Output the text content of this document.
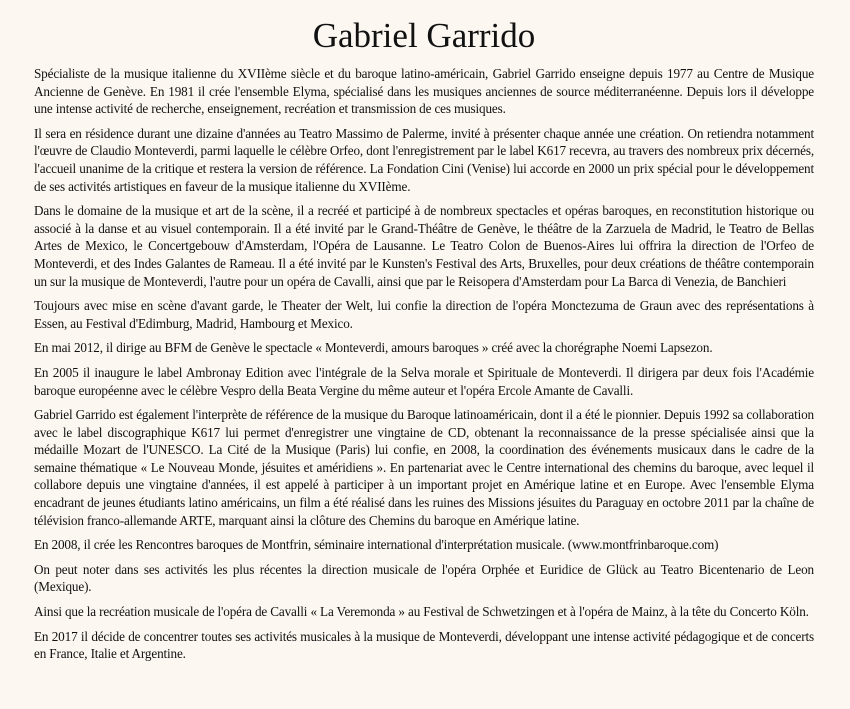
Gabriel Garrido

Spécialiste de la musique italienne du XVIIème siècle et du baroque latino-américain, Gabriel Garrido enseigne depuis 1977 au Centre de Musique Ancienne de Genève. En 1981 il crée l'ensemble Elyma, spécialisé dans les musiques anciennes de source méditerranéenne. Depuis lors il développe une intense activité de recherche, enseignement, recréation et transmission de ces musiques.

Il sera en résidence durant une dizaine d'années au Teatro Massimo de Palerme, invité à présenter chaque année une création. On retiendra notamment l'œuvre de Claudio Monteverdi, parmi laquelle le célèbre Orfeo, dont l'enregistrement par le label K617 recevra, au travers des nombreux prix décernés, l'accueil unanime de la critique et restera la version de référence. La Fondation Cini (Venise) lui accorde en 2000 un prix spécial pour le développement de ses activités artistiques en faveur de la musique italienne du XVIIème.

Dans le domaine de la musique et art de la scène, il a recréé et participé à de nombreux spectacles et opéras baroques, en reconstitution historique ou associé à la danse et au visuel contemporain. Il a été invité par le Grand-Théâtre de Genève, le théâtre de la Zarzuela de Madrid, le Teatro de Bellas Artes de Mexico, le Concertgebouw d'Amsterdam, l'Opéra de Lausanne. Le Teatro Colon de Buenos-Aires lui offrira la direction de l'Orfeo de Monteverdi, et des Indes Galantes de Rameau. Il a été invité par le Kunsten's Festival des Arts, Bruxelles, pour deux créations de théâtre contemporain un sur la musique de Monteverdi, l'autre pour un opéra de Cavalli, ainsi que par le Reisopera d'Amsterdam pour La Barca di Venezia, de Banchieri

Toujours avec mise en scène d'avant garde, le Theater der Welt, lui confie la direction de l'opéra Monctezuma de Graun avec des représentations à Essen, au Festival d'Edimburg, Madrid, Hambourg et Mexico.

En mai 2012, il dirige au BFM de Genève le spectacle « Monteverdi, amours baroques » créé avec la chorégraphe Noemi Lapsezon.

En 2005 il inaugure le label Ambronay Edition avec l'intégrale de la Selva morale et Spirituale de Monteverdi. Il dirigera par deux fois l'Académie baroque européenne avec le célèbre Vespro della Beata Vergine du même auteur et l'opéra Ercole Amante de Cavalli.

Gabriel Garrido est également l'interprète de référence de la musique du Baroque latinoaméricain, dont il a été le pionnier. Depuis 1992 sa collaboration avec le label discographique K617 lui permet d'enregistrer une vingtaine de CD, obtenant la reconnaissance de la presse spécialisée ainsi que la médaille Mozart de l'UNESCO. La Cité de la Musique (Paris) lui confie, en 2008, la coordination des événements musicaux dans le cadre de la semaine thématique « Le Nouveau Monde, jésuites et améridiens ». En partenariat avec le Centre international des chemins du baroque, avec lequel il collabore depuis une vingtaine d'années, il est appelé à participer à un important projet en Amérique latine et en Europe. Avec l'ensemble Elyma encadrant de jeunes étudiants latino américains, un film a été réalisé dans les ruines des Missions jésuites du Paraguay en octobre 2011 par la chaîne de télévision franco-allemande ARTE, marquant ainsi la clôture des Chemins du baroque en Amérique latine.

En 2008, il crée les Rencontres baroques de Montfrin, séminaire international d'interprétation musicale. (www.montfrinbaroque.com)

On peut noter dans ses activités les plus récentes la direction musicale de l'opéra Orphée et Euridice de Glück au Teatro Bicentenario de Leon (Mexique).

Ainsi que la recréation musicale de l'opéra de Cavalli « La Veremonda » au Festival de Schwetzingen et à l'opéra de Mainz, à la tête du Concerto Köln.

En 2017 il décide de concentrer toutes ses activités musicales à la musique de Monteverdi, développant une intense activité pédagogique et de concerts en France, Italie et Argentine.
